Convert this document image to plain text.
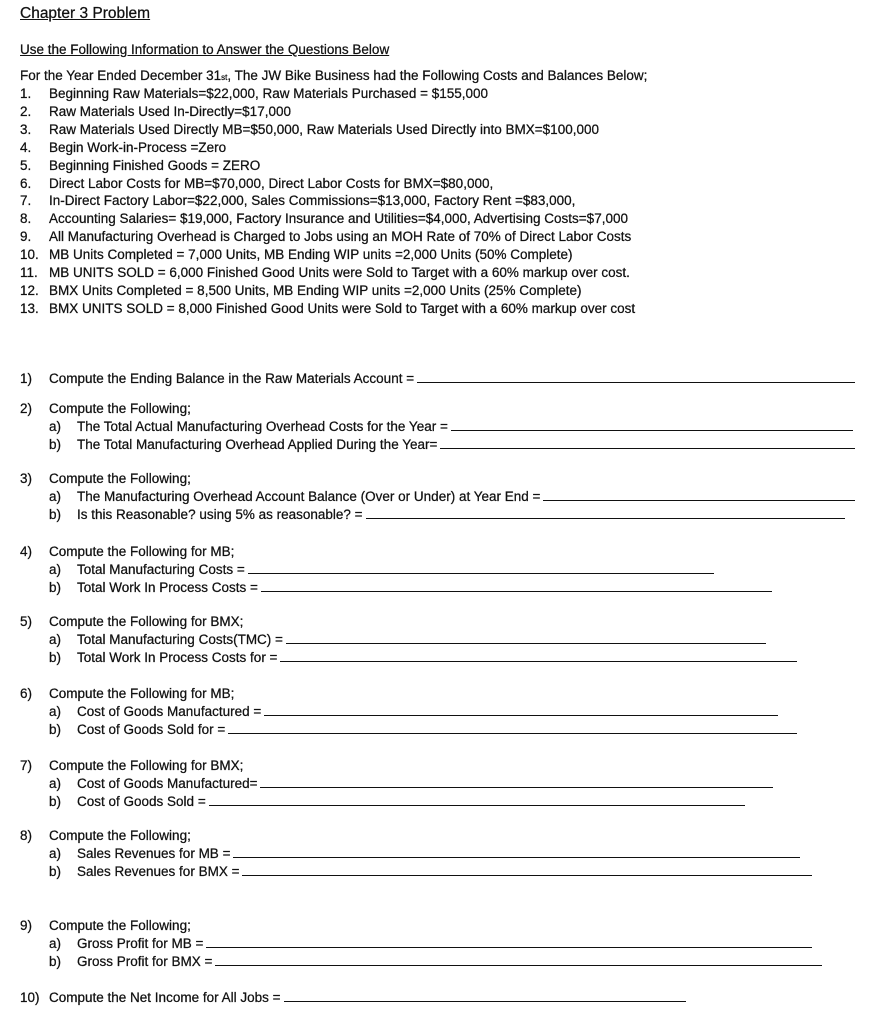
Chapter 3 Problem
Use the Following Information to Answer the Questions Below
For the Year Ended December 31 st , The JW Bike Business had the Following Costs and Balances Below;
1.	Beginning Raw Materials=$22,000, Raw Materials Purchased = $155,000
2.	Raw Materials Used In-Directly=$17,000
3.	Raw Materials Used Directly MB=$50,000, Raw Materials Used Directly into BMX=$100,000
4.	Begin Work-in-Process =Zero
5.	Beginning Finished Goods = ZERO
6.	Direct Labor Costs for MB=$70,000, Direct Labor Costs for BMX=$80,000,
7.	In-Direct Factory Labor=$22,000, Sales Commissions=$13,000, Factory Rent =$83,000,
8.	Accounting Salaries= $19,000, Factory Insurance and Utilities=$4,000, Advertising Costs=$7,000
9.	All Manufacturing Overhead is Charged to Jobs using an MOH Rate of 70% of Direct Labor Costs
10. MB Units Completed = 7,000 Units, MB Ending WIP units =2,000 Units (50% Complete)
11. MB UNITS SOLD = 6,000 Finished Good Units were Sold to Target with a 60% markup over cost.
12. BMX Units Completed = 8,500 Units, MB Ending WIP units =2,000 Units (25% Complete)
13. BMX UNITS SOLD = 8,000 Finished Good Units were Sold to Target with a 60% markup over cost
1)	Compute the Ending Balance in the Raw Materials Account =
2)	Compute the Following;
a)	The Total Actual Manufacturing Overhead Costs for the Year =
b)	The Total Manufacturing Overhead Applied During the Year=
3)	Compute the Following;
a)	The Manufacturing Overhead Account Balance (Over or Under) at Year End =
b)	Is this Reasonable? using 5% as reasonable? =
4)	Compute the Following for MB;
a)	Total Manufacturing Costs =
b)	Total Work In Process Costs =
5)	Compute the Following for BMX;
a)	Total Manufacturing Costs(TMC) =
b)	Total Work In Process Costs for =
6)	Compute the Following for MB;
a)	Cost of Goods Manufactured =
b)	Cost of Goods Sold for =
7)	Compute the Following for BMX;
a)	Cost of Goods Manufactured=
b)	Cost of Goods Sold =
8)	Compute the Following;
a)	Sales Revenues for MB =
b)	Sales Revenues for BMX =
9)	Compute the Following;
a)	Gross Profit for MB =
b)	Gross Profit for BMX =
10) Compute the Net Income for All Jobs =
